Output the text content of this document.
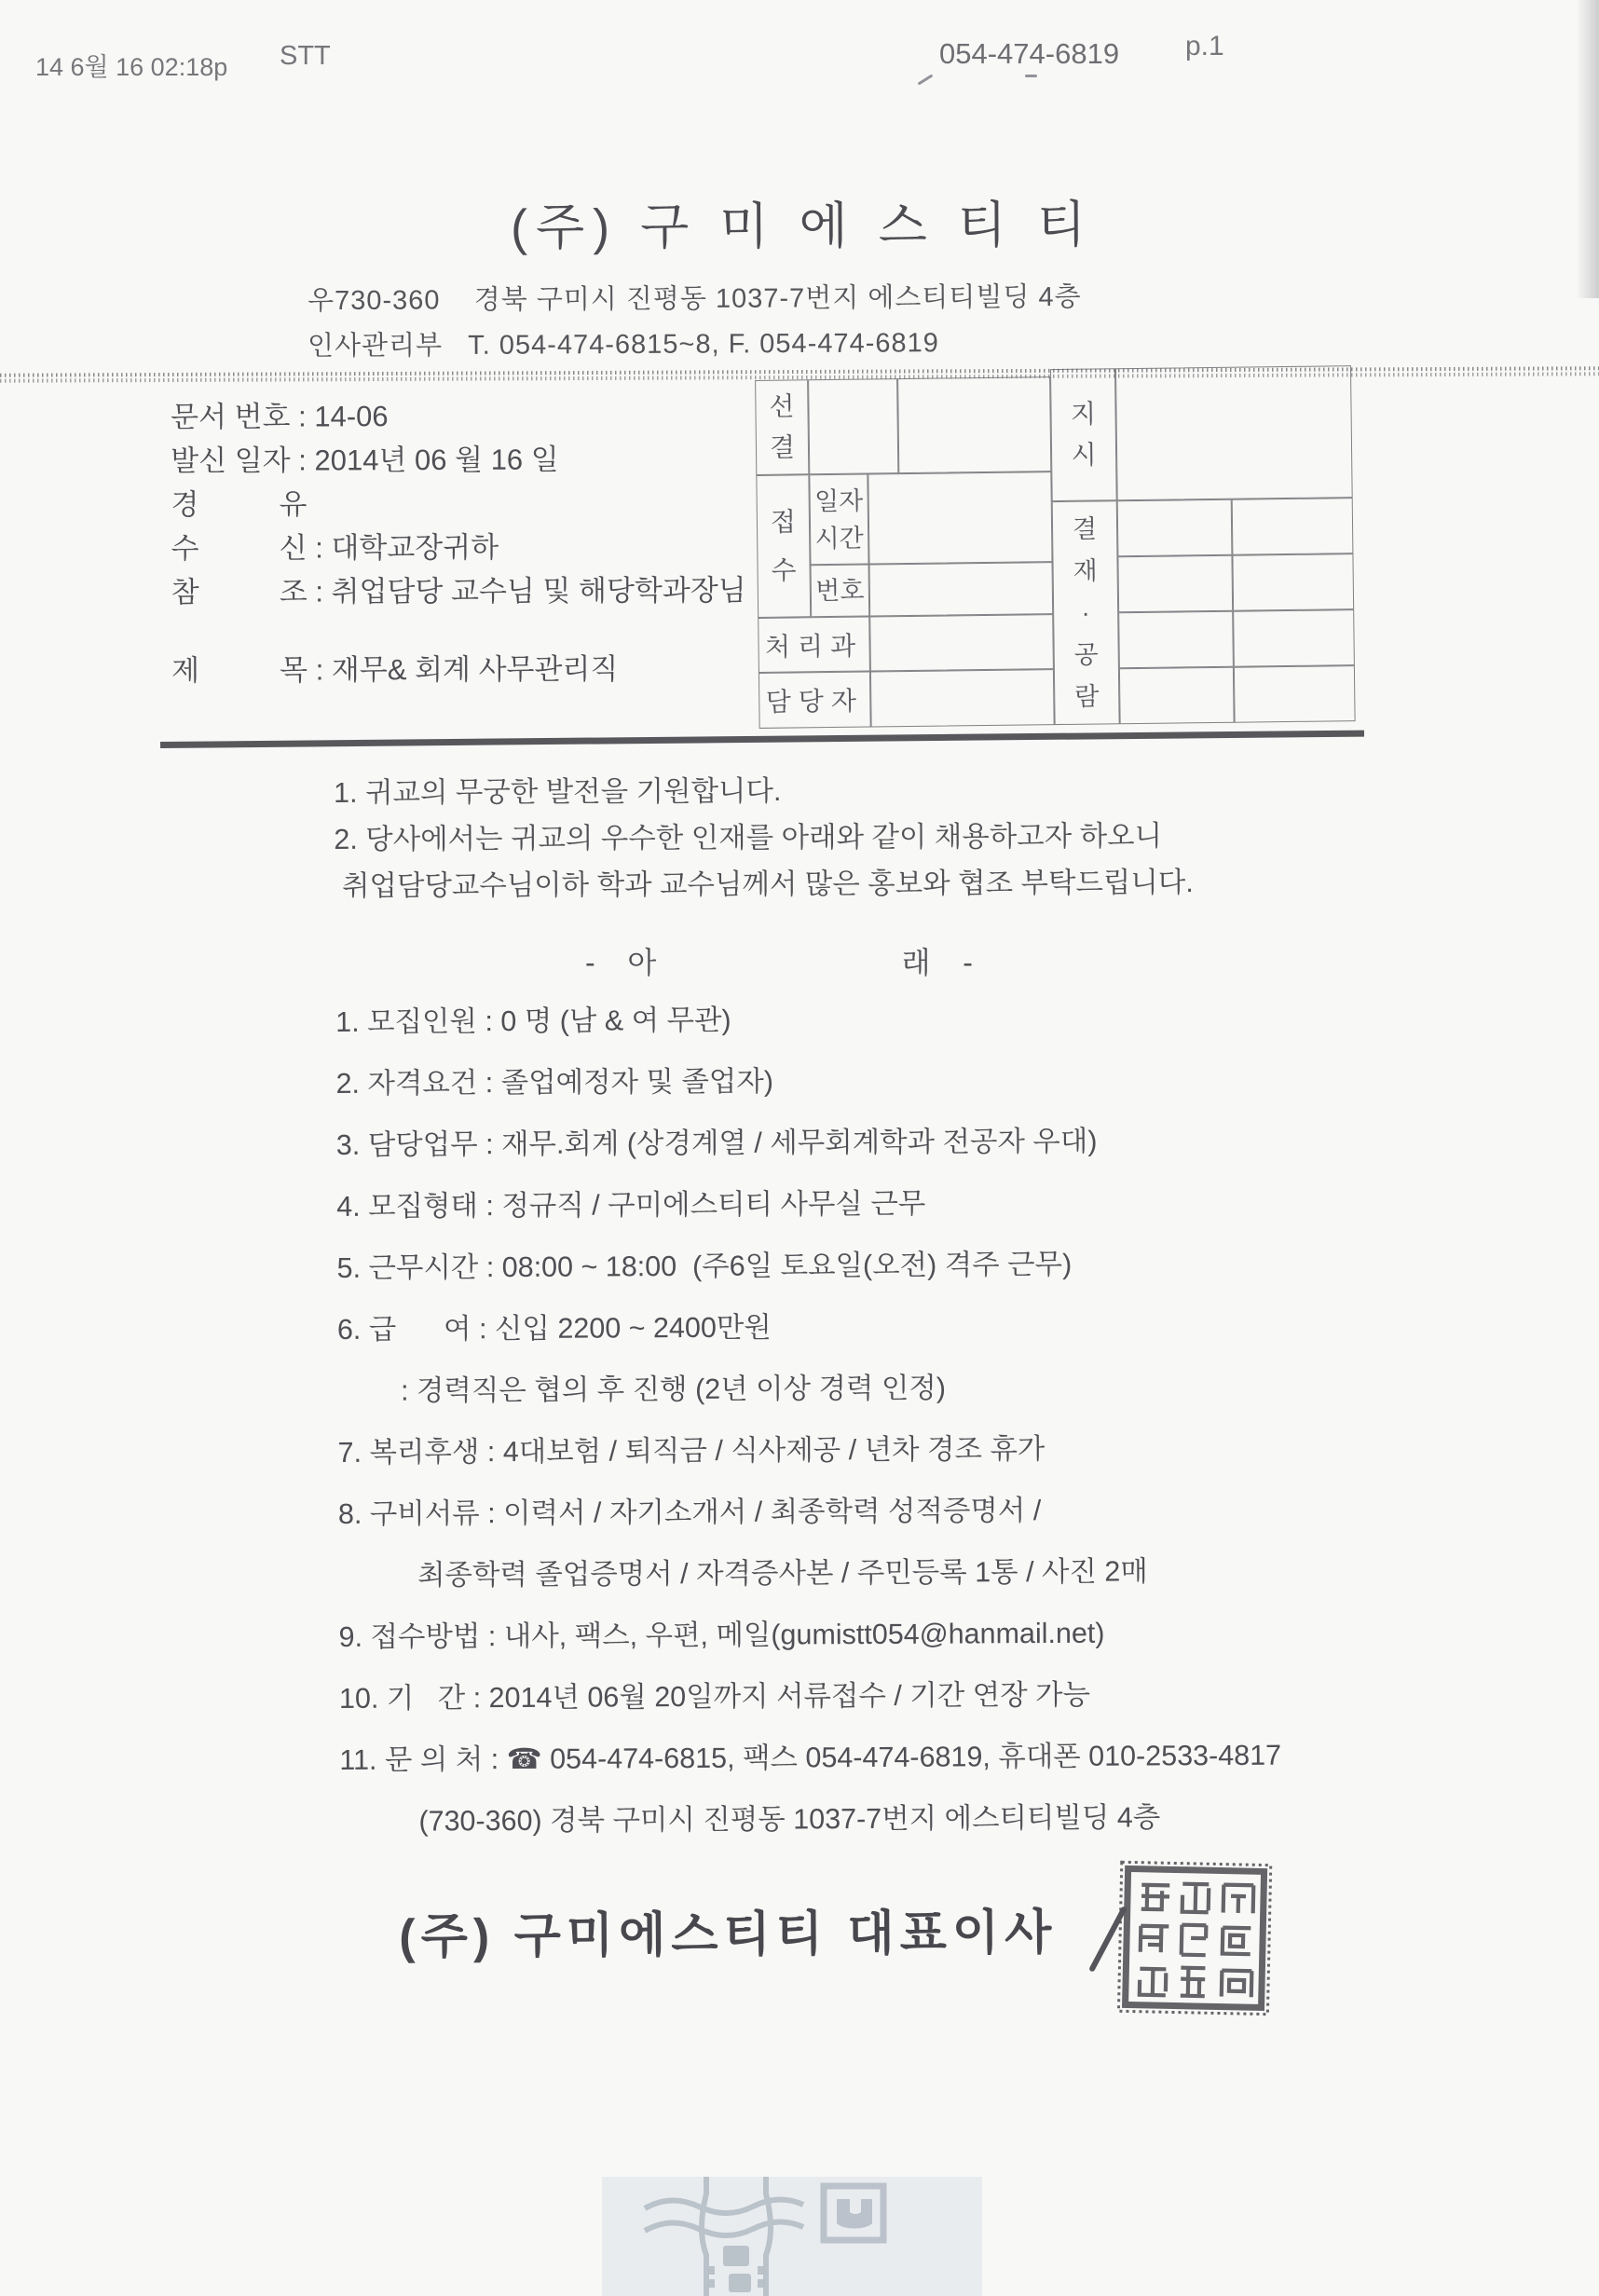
14 6월 16 02:18p STT	054-474-6819 p.1
(주) 구 미 에 스 티 티
우730-360    경북 구미시 진평동 1037-7번지 에스티티빌딩 4층
인사관리부   T. 054-474-6815~8, F. 054-474-6819
문서 번호 : 14-06
발신 일자 : 2014년 06 월 16 일
경          유
수          신 : 대학교장귀하
참          조 : 취업담당 교수님 및 해당학과장님
제          목 : 재무& 회계 사무관리직
선
결
접
수
일자
시간
번호
처리과
담당자
지
시
결
재
·
공
람
1. 귀교의 무궁한 발전을 기원합니다.
2. 당사에서는 귀교의 우수한 인재를 아래와 같이 채용하고자 하오니
취업담당교수님이하 학과 교수님께서 많은 홍보와 협조 부탁드립니다.
-   아                        래   -
1. 모집인원 : 0 명 (남 & 여 무관)
2. 자격요건 : 졸업예정자 및 졸업자)
3. 담당업무 : 재무.회계 (상경계열 / 세무회계학과 전공자 우대)
4. 모집형태 : 정규직 / 구미에스티티 사무실 근무
5. 근무시간 : 08:00 ~ 18:00  (주6일 토요일(오전) 격주 근무)
6. 급      여 : 신입 2200 ~ 2400만원
: 경력직은 협의 후 진행 (2년 이상 경력 인정)
7. 복리후생 : 4대보험 / 퇴직금 / 식사제공 / 년차 경조 휴가
8. 구비서류 : 이력서 / 자기소개서 / 최종학력 성적증명서 /
최종학력 졸업증명서 / 자격증사본 / 주민등록 1통 / 사진 2매
9. 접수방법 : 내사, 팩스, 우편, 메일(gumistt054@hanmail.net)
10. 기   간 : 2014년 06월 20일까지 서류접수 / 기간 연장 가능
11. 문 의 처 : ☎ 054-474-6815, 팩스 054-474-6819, 휴대폰 010-2533-4817
(730-360) 경북 구미시 진평동 1037-7번지 에스티티빌딩 4층
(주) 구미에스티티 대표이사
